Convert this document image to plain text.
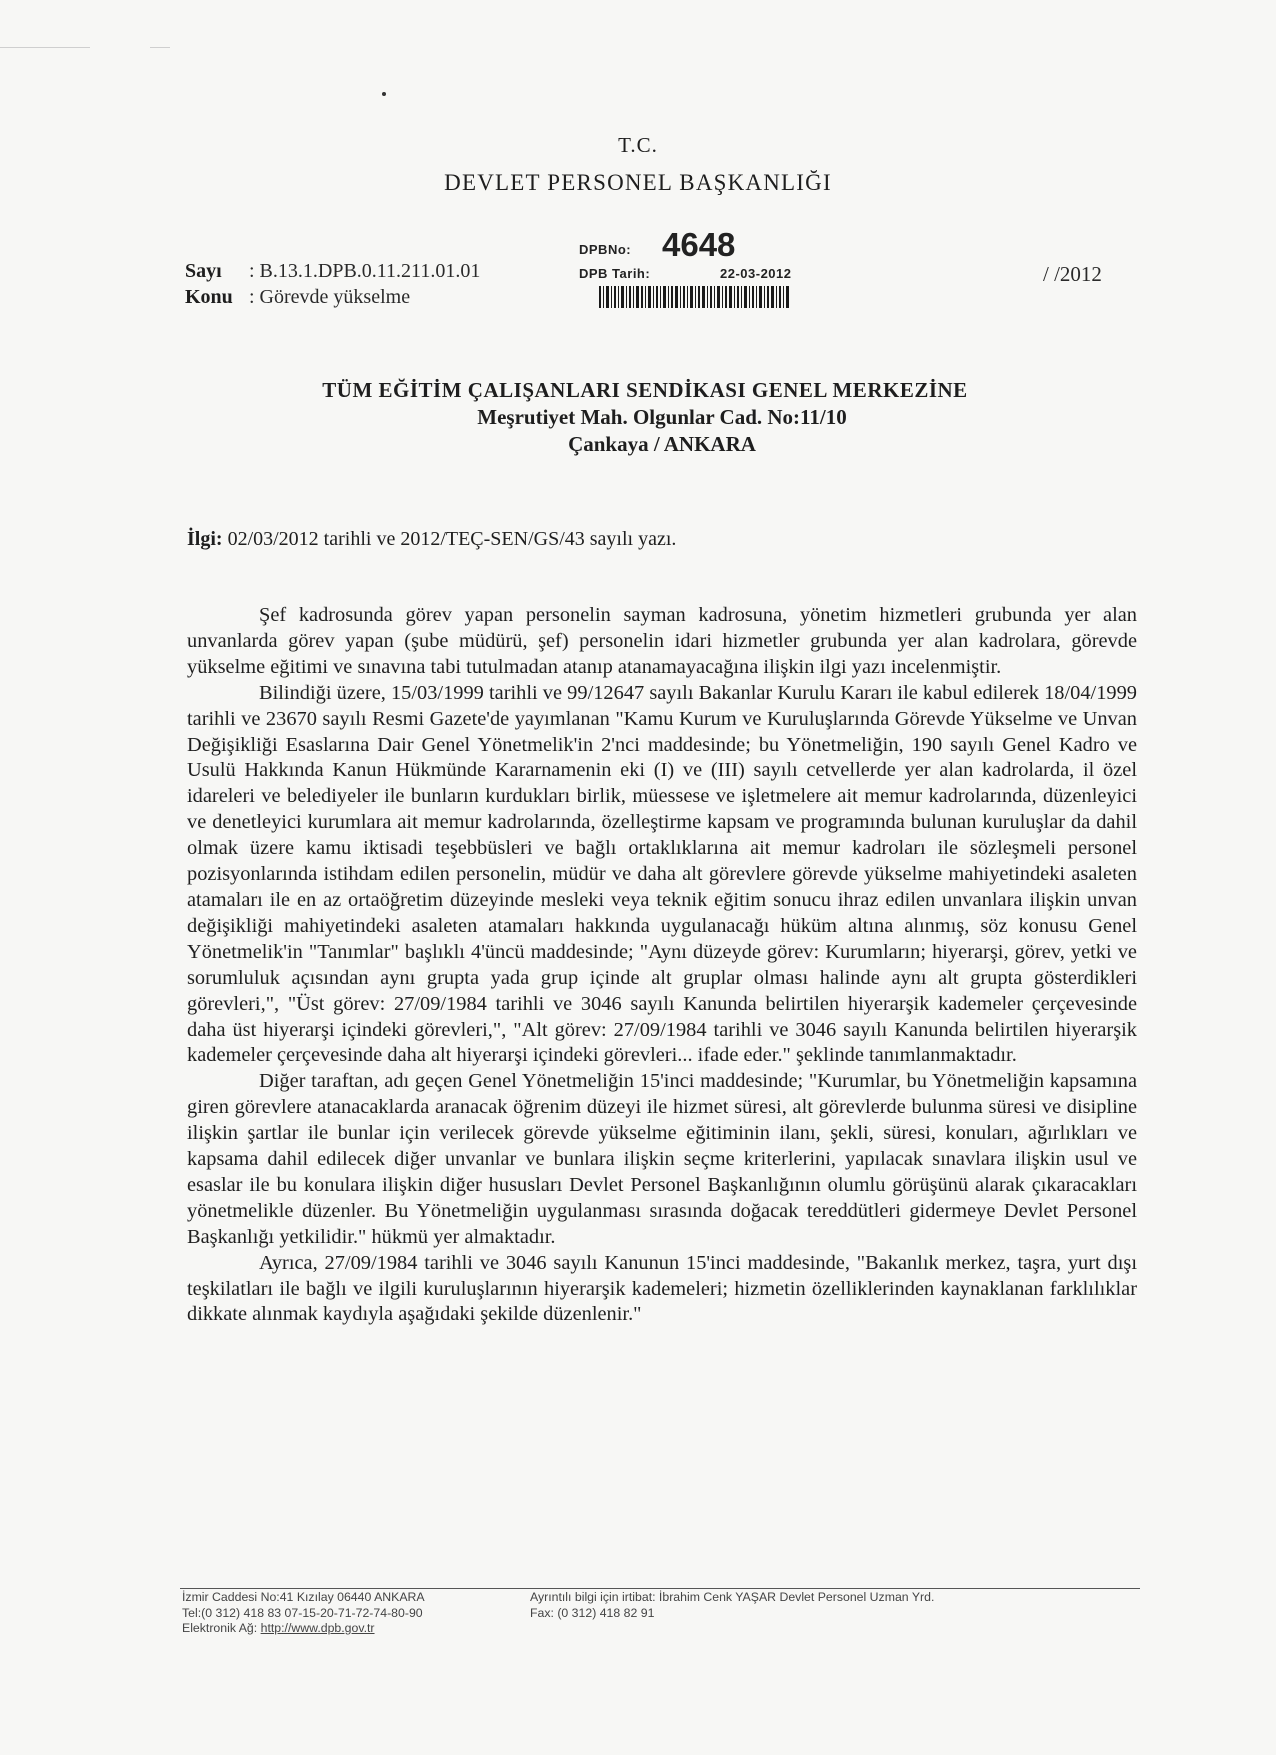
T.C.
DEVLET PERSONEL BAŞKANLIĞI
Sayı : B.13.1.DPB.0.11.211.01.01
Konu : Görevde yükselme
DPBNo: 4648
DPB Tarih:	22-03-2012	/ /2012
TÜM EĞİTİM ÇALIŞANLARI SENDİKASI GENEL MERKEZİNE
Meşrutiyet Mah. Olgunlar Cad. No:11/10
Çankaya / ANKARA
İlgi: 02/03/2012 tarihli ve 2012/TEÇ-SEN/GS/43 sayılı yazı.

Şef kadrosunda görev yapan personelin sayman kadrosuna, yönetim hizmetleri grubunda yer alan unvanlarda görev yapan (şube müdürü, şef) personelin idari hizmetler grubunda yer alan kadrolara, görevde yükselme eğitimi ve sınavına tabi tutulmadan atanıp atanamayacağına ilişkin ilgi yazı incelenmiştir.

Bilindiği üzere, 15/03/1999 tarihli ve 99/12647 sayılı Bakanlar Kurulu Kararı ile kabul edilerek 18/04/1999 tarihli ve 23670 sayılı Resmi Gazete'de yayımlanan "Kamu Kurum ve Kuruluşlarında Görevde Yükselme ve Unvan Değişikliği Esaslarına Dair Genel Yönetmelik'in 2'nci maddesinde; bu Yönetmeliğin, 190 sayılı Genel Kadro ve Usulü Hakkında Kanun Hükmünde Kararnamenin eki (I) ve (III) sayılı cetvellerde yer alan kadrolarda, il özel idareleri ve belediyeler ile bunların kurdukları birlik, müessese ve işletmelere ait memur kadrolarında, düzenleyici ve denetleyici kurumlara ait memur kadrolarında, özelleştirme kapsam ve programında bulunan kuruluşlar da dahil olmak üzere kamu iktisadi teşebbüsleri ve bağlı ortaklıklarına ait memur kadroları ile sözleşmeli personel pozisyonlarında istihdam edilen personelin, müdür ve daha alt görevlere görevde yükselme mahiyetindeki asaleten atamaları ile en az ortaöğretim düzeyinde mesleki veya teknik eğitim sonucu ihraz edilen unvanlara ilişkin unvan değişikliği mahiyetindeki asaleten atamaları hakkında uygulanacağı hüküm altına alınmış, söz konusu Genel Yönetmelik'in "Tanımlar" başlıklı 4'üncü maddesinde; "Aynı düzeyde görev: Kurumların; hiyerarşi, görev, yetki ve sorumluluk açısından aynı grupta yada grup içinde alt gruplar olması halinde aynı alt grupta gösterdikleri görevleri,", "Üst görev: 27/09/1984 tarihli ve 3046 sayılı Kanunda belirtilen hiyerarşik kademeler çerçevesinde daha üst hiyerarşi içindeki görevleri,", "Alt görev: 27/09/1984 tarihli ve 3046 sayılı Kanunda belirtilen hiyerarşik kademeler çerçevesinde daha alt hiyerarşi içindeki görevleri... ifade eder." şeklinde tanımlanmaktadır.

Diğer taraftan, adı geçen Genel Yönetmeliğin 15'inci maddesinde; "Kurumlar, bu Yönetmeliğin kapsamına giren görevlere atanacaklarda aranacak öğrenim düzeyi ile hizmet süresi, alt görevlerde bulunma süresi ve disipline ilişkin şartlar ile bunlar için verilecek görevde yükselme eğitiminin ilanı, şekli, süresi, konuları, ağırlıkları ve kapsama dahil edilecek diğer unvanlar ve bunlara ilişkin seçme kriterlerini, yapılacak sınavlara ilişkin usul ve esaslar ile bu konulara ilişkin diğer hususları Devlet Personel Başkanlığının olumlu görüşünü alarak çıkaracakları yönetmelikle düzenler. Bu Yönetmeliğin uygulanması sırasında doğacak tereddütleri gidermeye Devlet Personel Başkanlığı yetkilidir." hükmü yer almaktadır.

Ayrıca, 27/09/1984 tarihli ve 3046 sayılı Kanunun 15'inci maddesinde, "Bakanlık merkez, taşra, yurt dışı teşkilatları ile bağlı ve ilgili kuruluşlarının hiyerarşik kademeleri; hizmetin özelliklerinden kaynaklanan farklılıklar dikkate alınmak kaydıyla aşağıdaki şekilde düzenlenir."

İzmir Caddesi No:41 Kızılay 06440 ANKARA
Tel:(0 312) 418 83 07-15-20-71-72-74-80-90
Elektronik Ağ: http://www.dpb.gov.tr
Ayrıntılı bilgi için irtibat: İbrahim Cenk YAŞAR Devlet Personel Uzman Yrd.
Fax: (0 312) 418 82 91
